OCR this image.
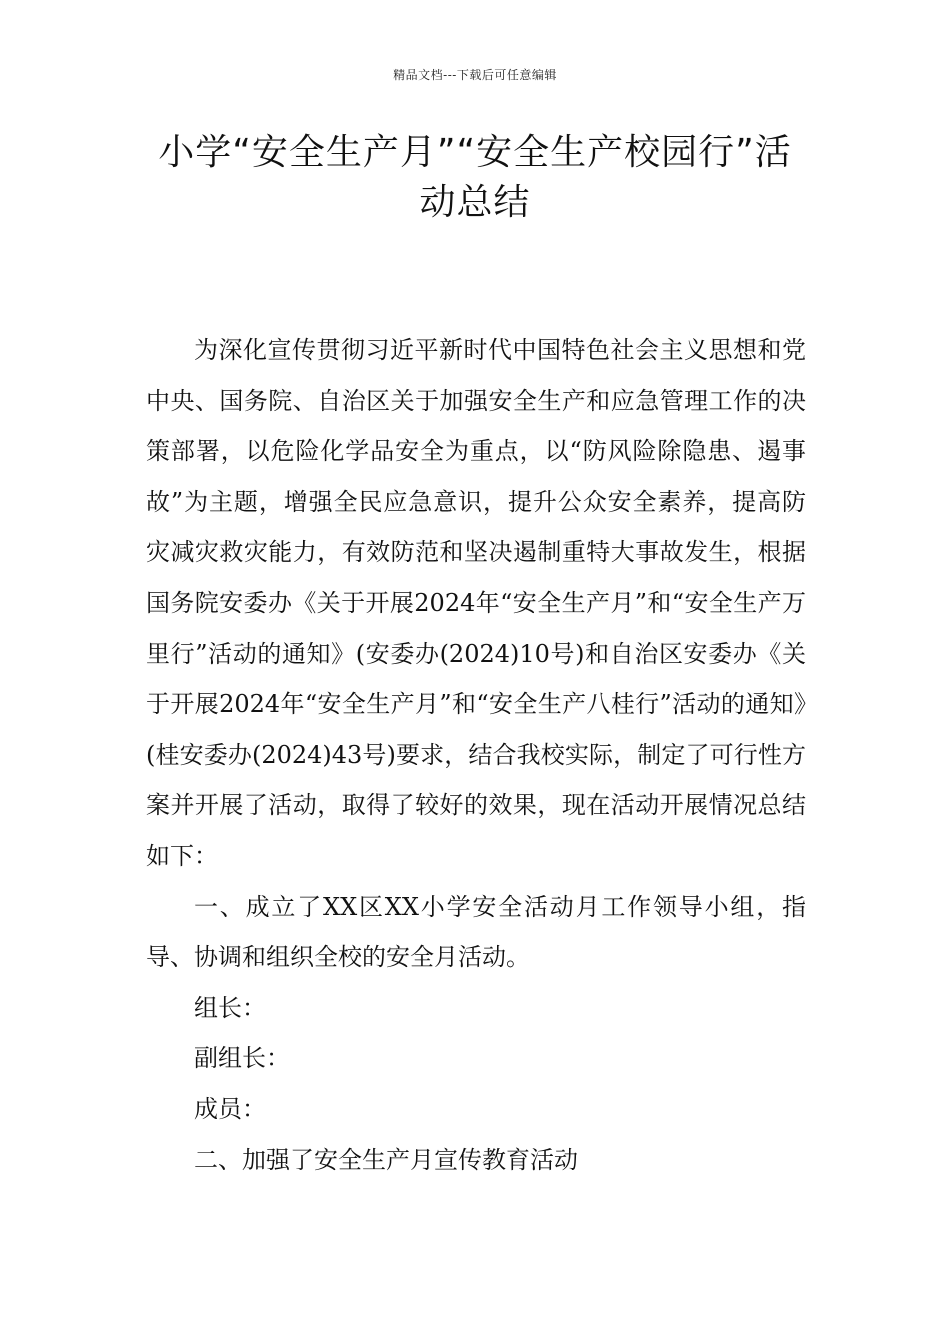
精品文档---下载后可任意编辑
小学“安全生产月”“安全生产校园行”活动总结

为深化宣传贯彻习近平新时代中国特色社会主义思想和党中央、国务院、自治区关于加强安全生产和应急管理工作的决策部署，以危险化学品安全为重点，以“防风险除隐患、遏事故”为主题，增强全民应急意识，提升公众安全素养，提高防灾减灾救灾能力，有效防范和坚决遏制重特大事故发生，根据国务院安委办《关于开展2024年“安全生产月”和“安全生产万里行”活动的通知》(安委办(2024)10号)和自治区安委办《关于开展2024年“安全生产月”和“安全生产八桂行”活动的通知》(桂安委办(2024)43号)要求，结合我校实际，制定了可行性方案并开展了活动，取得了较好的效果，现在活动开展情况总结如下：

一、成立了XX区XX小学安全活动月工作领导小组，指导、协调和组织全校的安全月活动。

组长：

副组长：

成员：

二、加强了安全生产月宣传教育活动
